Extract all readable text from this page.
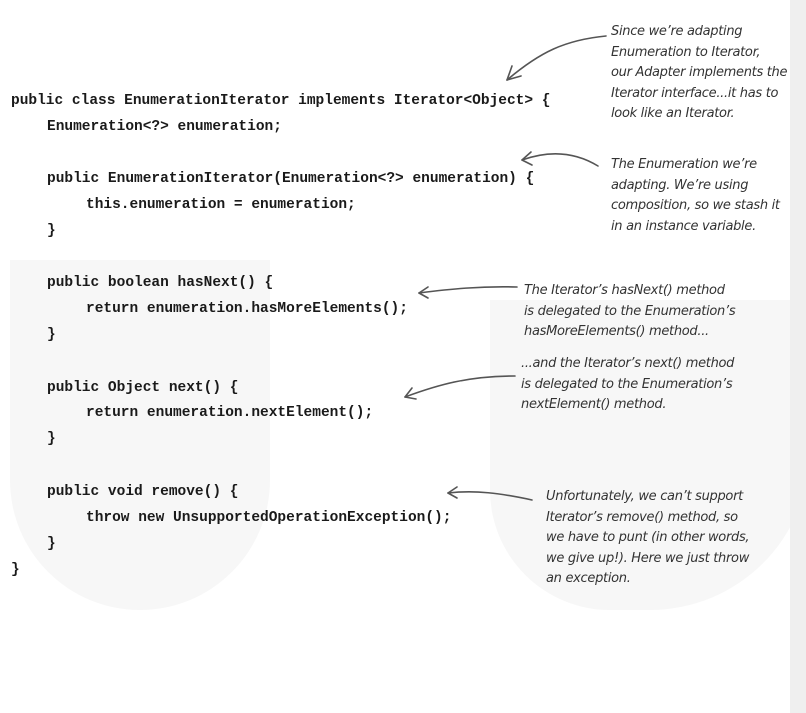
public class EnumerationIterator implements Iterator<Object> {
Enumeration<?> enumeration;
public EnumerationIterator(Enumeration<?> enumeration) {
this.enumeration = enumeration;
}
public boolean hasNext() {
return enumeration.hasMoreElements();
}
public Object next() {
return enumeration.nextElement();
}
public void remove() {
throw new UnsupportedOperationException();
}
}
Since we’re adapting
Enumeration to Iterator,
our Adapter implements the
Iterator interface...it has to
look like an Iterator.
The Enumeration we’re
adapting. We’re using
composition, so we stash it
in an instance variable.
The Iterator’s hasNext() method
is delegated to the Enumeration’s
hasMoreElements() method...
...and the Iterator’s next() method
is delegated to the Enumeration’s
nextElement() method.
Unfortunately, we can’t support
Iterator’s remove() method, so
we have to punt (in other words,
we give up!). Here we just throw
an exception.
